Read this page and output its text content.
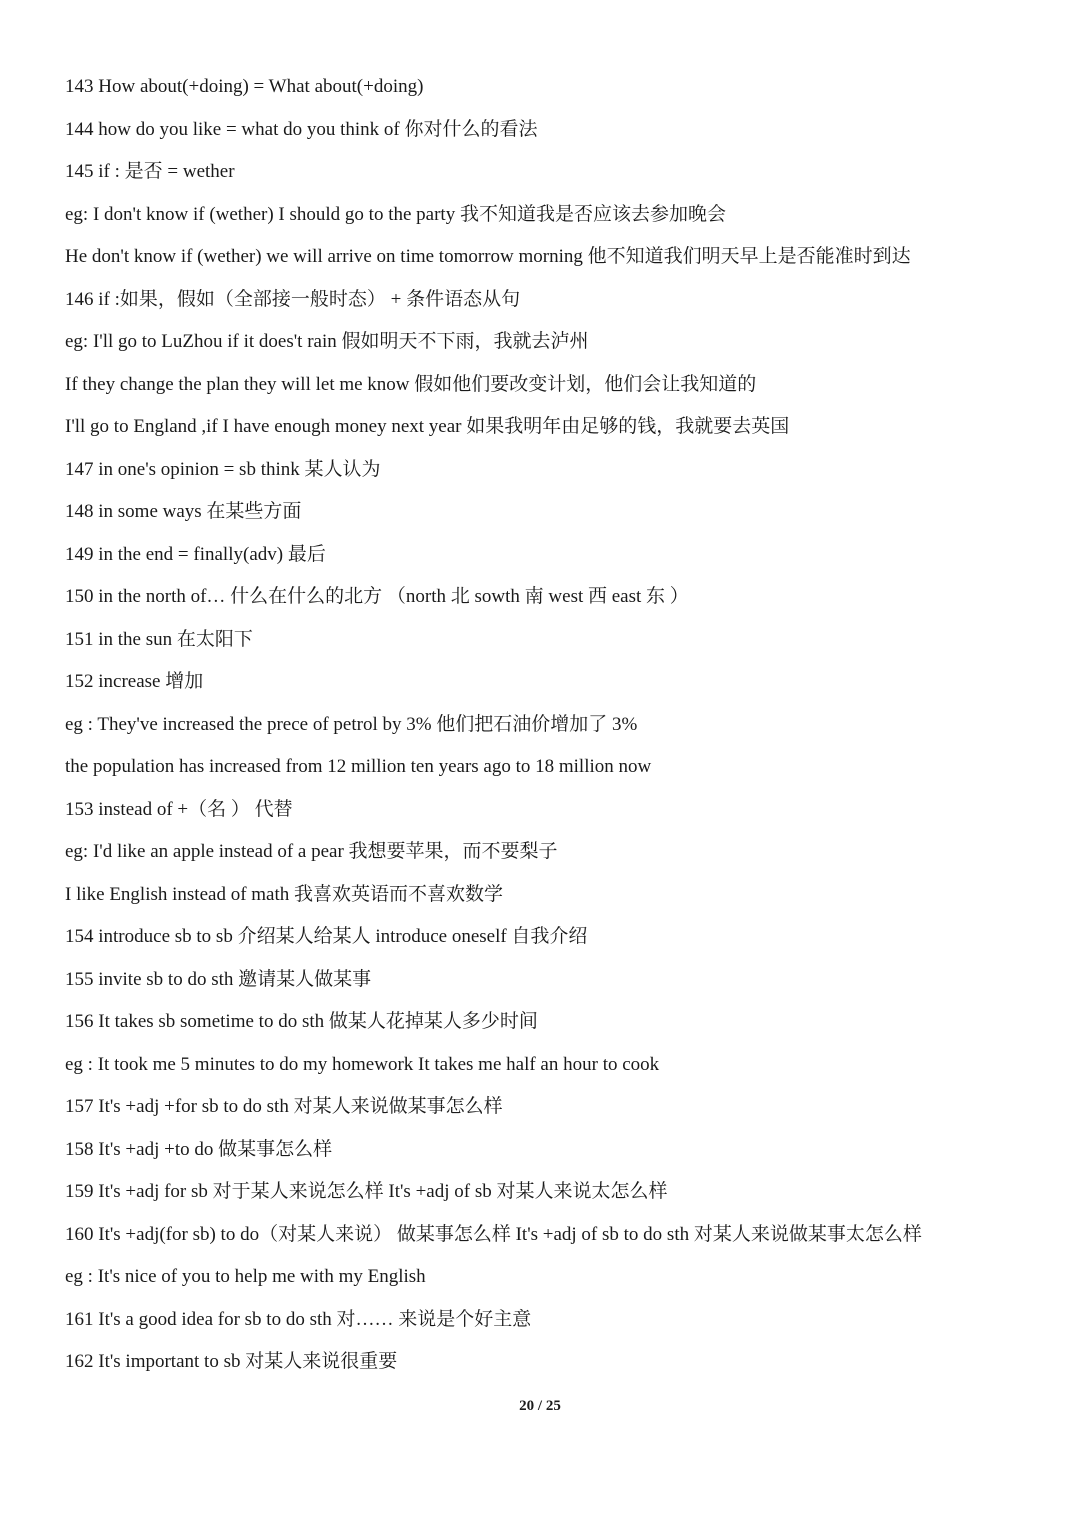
143 How about(+doing) = What about(+doing)
144 how do you like = what do you think of 你对什么的看法
145 if : 是否 = wether
eg: I don't know if (wether) I should go to the party 我不知道我是否应该去参加晚会
He don't know if (wether) we will arrive on time tomorrow morning 他不知道我们明天早上是否能准时到达
146 if :如果，假如（全部接一般时态） + 条件语态从句
eg: I'll go to LuZhou if it does't rain 假如明天不下雨，我就去泸州
If they change the plan they will let me know 假如他们要改变计划，他们会让我知道的
I'll go to England ,if I have enough money next year 如果我明年由足够的钱，我就要去英国
147 in one's opinion = sb think 某人认为
148 in some ways 在某些方面
149 in the end = finally(adv) 最后
150 in the north of… 什么在什么的北方 （north 北 sowth 南 west 西 east 东 ）
151 in the sun 在太阳下
152 increase 增加
eg : They've increased the prece of petrol by 3% 他们把石油价增加了 3%
the population has increased from 12 million ten years ago to 18 million now
153 instead of +（名 ） 代替
eg: I'd like an apple instead of a pear 我想要苹果，而不要梨子
I like English instead of math 我喜欢英语而不喜欢数学
154 introduce sb to sb 介绍某人给某人 introduce oneself 自我介绍
155 invite sb to do sth 邀请某人做某事
156 It takes sb sometime to do sth 做某人花掉某人多少时间
eg : It took me 5 minutes to do my homework It takes me half an hour to cook
157 It's +adj +for sb to do sth 对某人来说做某事怎么样
158 It's +adj +to do 做某事怎么样
159 It's +adj for sb 对于某人来说怎么样 It's +adj of sb 对某人来说太怎么样
160 It's +adj(for sb) to do（对某人来说） 做某事怎么样 It's +adj of sb to do sth 对某人来说做某事太怎么样
eg : It's nice of you to help me with my English
161 It's a good idea for sb to do sth 对…… 来说是个好主意
162 It's important to sb 对某人来说很重要
20 / 25
